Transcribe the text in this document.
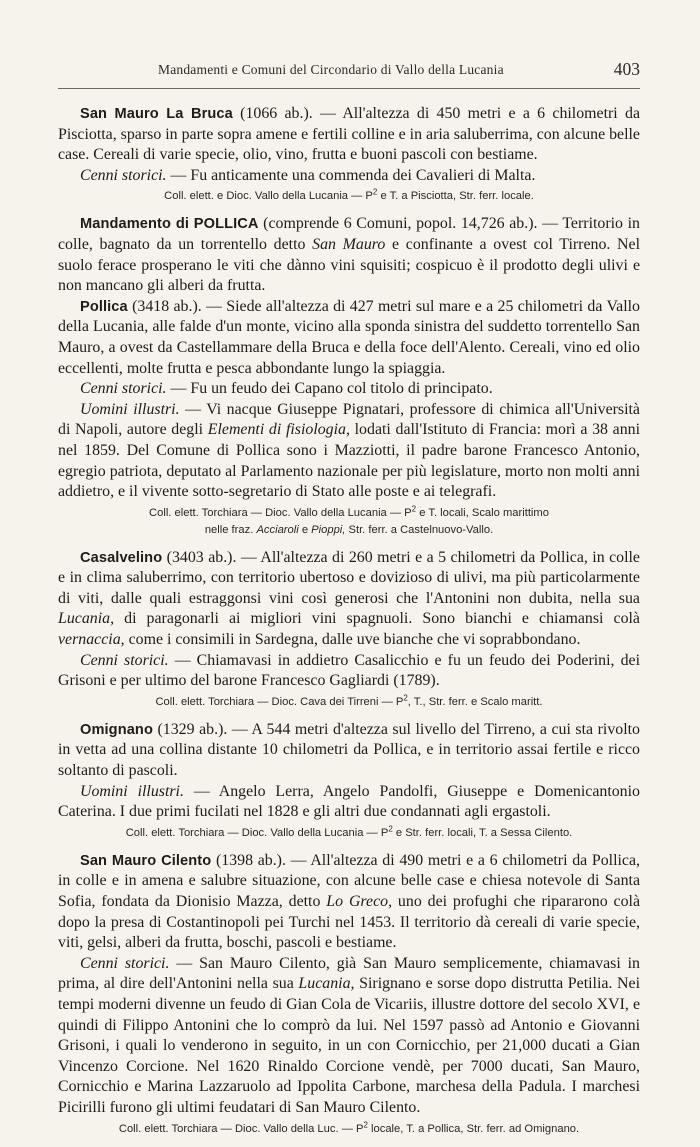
Mandamenti e Comuni del Circondario di Vallo della Lucania	403

San Mauro La Bruca (1066 ab.). — All'altezza di 450 metri e a 6 chilometri da Pisciotta, sparso in parte sopra amene e fertili colline e in aria saluberrima, con alcune belle case. Cereali di varie specie, olio, vino, frutta e buoni pascoli con bestiame.

Cenni storici. — Fu anticamente una commenda dei Cavalieri di Malta.

Coll. elett. e Dioc. Vallo della Lucania — $P^2$ e T. a Pisciotta, Str. ferr. locale.

Mandamento di POLLICA (comprende 6 Comuni, popol. 14,726 ab.). — Territorio in colle, bagnato da un torrentello detto San Mauro e confinante a ovest col Tirreno. Nel suolo ferace prosperano le viti che dànno vini squisiti; cospicuo è il prodotto degli ulivi e non mancano gli alberi da frutta.

Pollica (3418 ab.). — Siede all'altezza di 427 metri sul mare e a 25 chilometri da Vallo della Lucania, alle falde d'un monte, vicino alla sponda sinistra del suddetto torrentello San Mauro, a ovest da Castellammare della Bruca e della foce dell'Alento. Cereali, vino ed olio eccellenti, molte frutta e pesca abbondante lungo la spiaggia.

Cenni storici. — Fu un feudo dei Capano col titolo di principato.

Uomini illustri. — Vi nacque Giuseppe Pignatari, professore di chimica all'Università di Napoli, autore degli Elementi di fisiologia, lodati dall'Istituto di Francia: morì a 38 anni nel 1859. Del Comune di Pollica sono i Mazziotti, il padre barone Francesco Antonio, egregio patriota, deputato al Parlamento nazionale per più legislature, morto non molti anni addietro, e il vivente sotto-segretario di Stato alle poste e ai telegrafi.

Coll. elett. Torchiara — Dioc. Vallo della Lucania — $P^2$ e T. locali, Scalo marittimo
nelle fraz. Acciaroli e Pioppi, Str. ferr. a Castelnuovo-Vallo.

Casalvelino (3403 ab.). — All'altezza di 260 metri e a 5 chilometri da Pollica, in colle e in clima saluberrimo, con territorio ubertoso e dovizioso di ulivi, ma più particolarmente di viti, dalle quali estraggonsi vini così generosi che l'Antonini non dubita, nella sua Lucania, di paragonarli ai migliori vini spagnuoli. Sono bianchi e chiamansi colà vernaccia, come i consimili in Sardegna, dalle uve bianche che vi soprabbondano.

Cenni storici. — Chiamavasi in addietro Casalicchio e fu un feudo dei Poderini, dei Grisoni e per ultimo del barone Francesco Gagliardi (1789).

Coll. elett. Torchiara — Dioc. Cava dei Tirreni — $P^2$, T., Str. ferr. e Scalo maritt.

Omignano (1329 ab.). — A 544 metri d'altezza sul livello del Tirreno, a cui sta rivolto in vetta ad una collina distante 10 chilometri da Pollica, e in territorio assai fertile e ricco soltanto di pascoli.

Uomini illustri. — Angelo Lerra, Angelo Pandolfi, Giuseppe e Domenicantonio Caterina. I due primi fucilati nel 1828 e gli altri due condannati agli ergastoli.

Coll. elett. Torchiara — Dioc. Vallo della Lucania — $P^2$ e Str. ferr. locali, T. a Sessa Cilento.

San Mauro Cilento (1398 ab.). — All'altezza di 490 metri e a 6 chilometri da Pollica, in colle e in amena e salubre situazione, con alcune belle case e chiesa notevole di Santa Sofia, fondata da Dionisio Mazza, detto Lo Greco, uno dei profughi che ripararono colà dopo la presa di Costantinopoli pei Turchi nel 1453. Il territorio dà cereali di varie specie, viti, gelsi, alberi da frutta, boschi, pascoli e bestiame.

Cenni storici. — San Mauro Cilento, già San Mauro semplicemente, chiamavasi in prima, al dire dell'Antonini nella sua Lucania, Sirignano e sorse dopo distrutta Petilia. Nei tempi moderni divenne un feudo di Gian Cola de Vicariis, illustre dottore del secolo XVI, e quindi di Filippo Antonini che lo comprò da lui. Nel 1597 passò ad Antonio e Giovanni Grisoni, i quali lo venderono in seguito, in un con Cornicchio, per 21,000 ducati a Gian Vincenzo Corcione. Nel 1620 Rinaldo Corcione vendè, per 7000 ducati, San Mauro, Cornicchio e Marina Lazzaruolo ad Ippolita Carbone, marchesa della Padula. I marchesi Picirilli furono gli ultimi feudatari di San Mauro Cilento.

Coll. elett. Torchiara — Dioc. Vallo della Luc. — $P^2$ locale, T. a Pollica, Str. ferr. ad Omignano.
